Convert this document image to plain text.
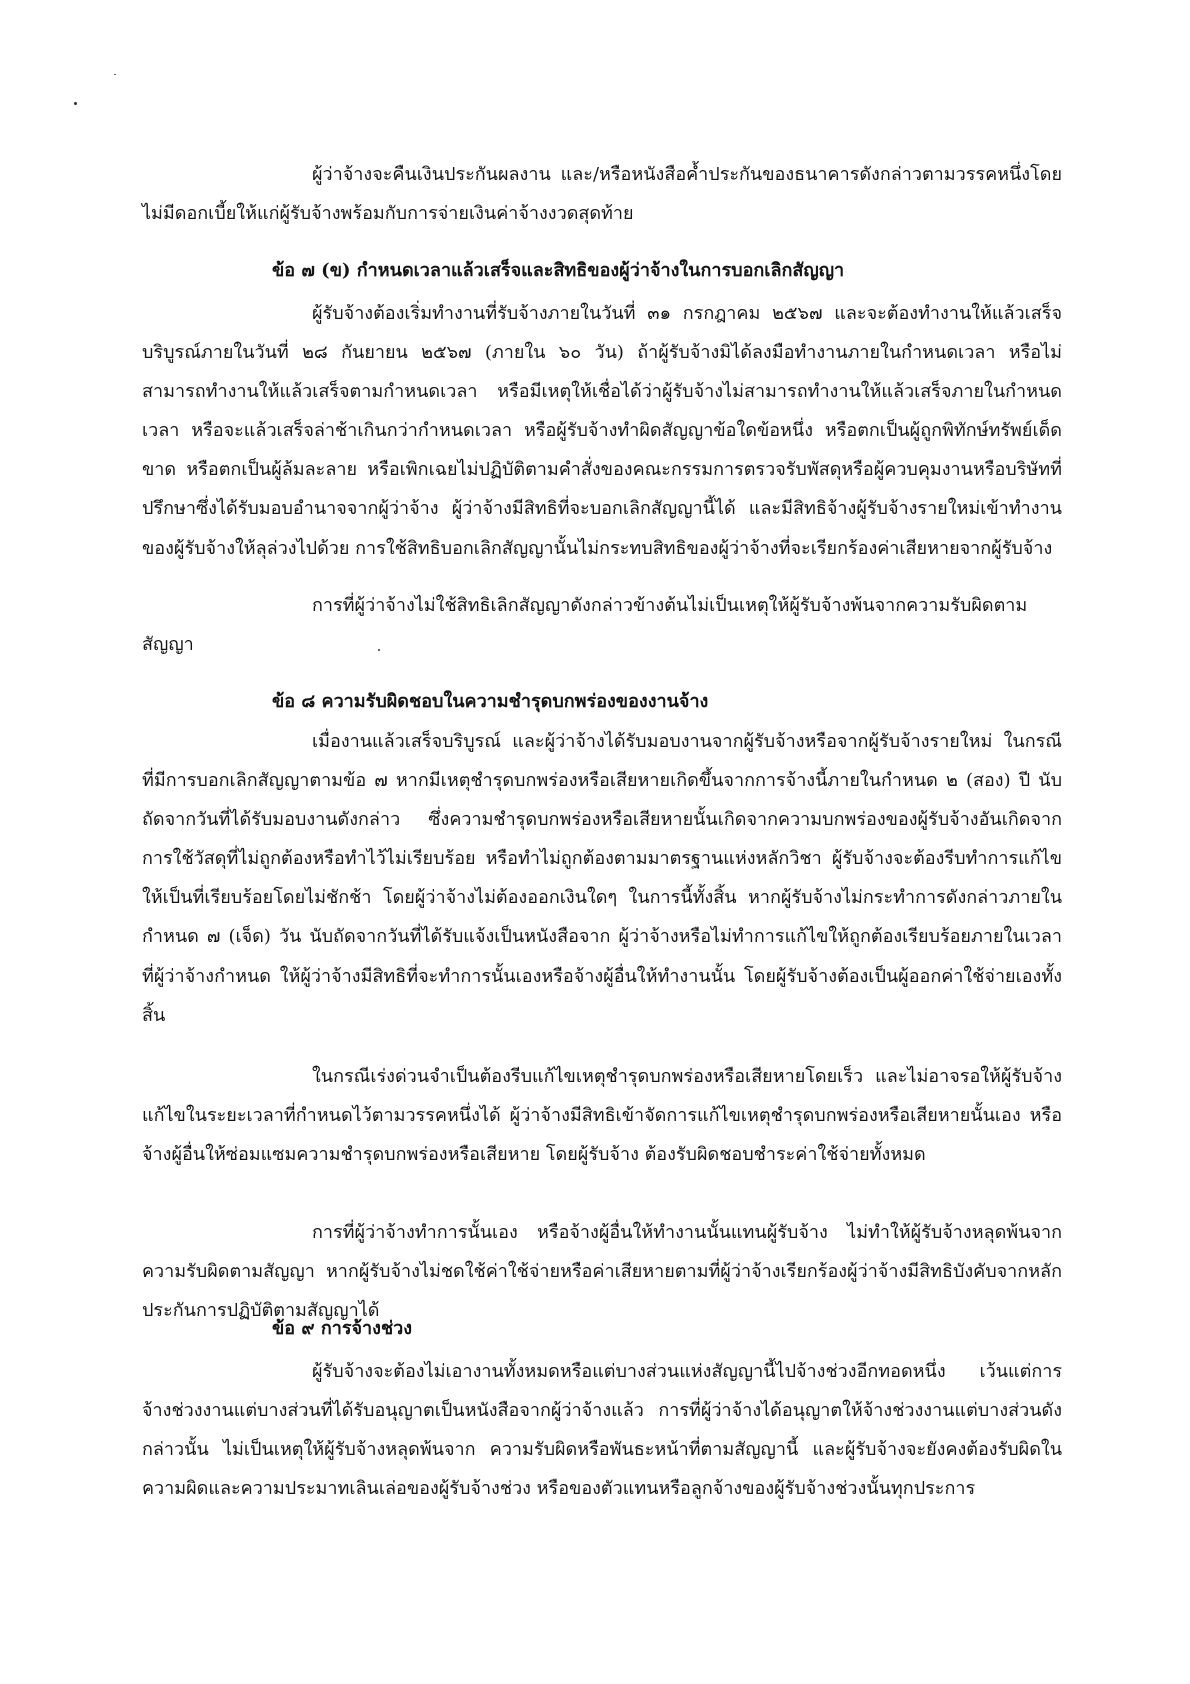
ผู้ว่าจ้างจะคืนเงินประกันผลงาน และ/หรือหนังสือค้ำประกันของธนาคารดังกล่าวตามวรรคหนึ่งโดยไม่มีดอกเบี้ยให้แก่ผู้รับจ้างพร้อมกับการจ่ายเงินค่าจ้างงวดสุดท้าย

ข้อ ๗ (ข) กำหนดเวลาแล้วเสร็จและสิทธิของผู้ว่าจ้างในการบอกเลิกสัญญา

ผู้รับจ้างต้องเริ่มทำงานที่รับจ้างภายในวันที่ ๓๑ กรกฎาคม ๒๕๖๗ และจะต้องทำงานให้แล้วเสร็จบริบูรณ์ภายในวันที่ ๒๘ กันยายน ๒๕๖๗ (ภายใน ๖๐ วัน) ถ้าผู้รับจ้างมิได้ลงมือทำงานภายในกำหนดเวลา หรือไม่สามารถทำงานให้แล้วเสร็จตามกำหนดเวลา หรือมีเหตุให้เชื่อได้ว่าผู้รับจ้างไม่สามารถทำงานให้แล้วเสร็จภายในกำหนดเวลา หรือจะแล้วเสร็จล่าช้าเกินกว่ากำหนดเวลา หรือผู้รับจ้างทำผิดสัญญาข้อใดข้อหนึ่ง หรือตกเป็นผู้ถูกพิทักษ์ทรัพย์เด็ดขาด หรือตกเป็นผู้ล้มละลาย หรือเพิกเฉยไม่ปฏิบัติตามคำสั่งของคณะกรรมการตรวจรับพัสดุหรือผู้ควบคุมงานหรือบริษัทที่ปรึกษาซึ่งได้รับมอบอำนาจจากผู้ว่าจ้าง ผู้ว่าจ้างมีสิทธิที่จะบอกเลิกสัญญานี้ได้ และมีสิทธิจ้างผู้รับจ้างรายใหม่เข้าทำงานของผู้รับจ้างให้ลุล่วงไปด้วย การใช้สิทธิบอกเลิกสัญญานั้นไม่กระทบสิทธิของผู้ว่าจ้างที่จะเรียกร้องค่าเสียหายจากผู้รับจ้าง

การที่ผู้ว่าจ้างไม่ใช้สิทธิเลิกสัญญาดังกล่าวข้างต้นไม่เป็นเหตุให้ผู้รับจ้างพ้นจากความรับผิดตามสัญญา

ข้อ ๘ ความรับผิดชอบในความชำรุดบกพร่องของงานจ้าง

เมื่องานแล้วเสร็จบริบูรณ์ และผู้ว่าจ้างได้รับมอบงานจากผู้รับจ้างหรือจากผู้รับจ้างรายใหม่ ในกรณีที่มีการบอกเลิกสัญญาตามข้อ ๗ หากมีเหตุชำรุดบกพร่องหรือเสียหายเกิดขึ้นจากการจ้างนี้ภายในกำหนด ๒ (สอง) ปี นับถัดจากวันที่ได้รับมอบงานดังกล่าว ซึ่งความชำรุดบกพร่องหรือเสียหายนั้นเกิดจากความบกพร่องของผู้รับจ้างอันเกิดจากการใช้วัสดุที่ไม่ถูกต้องหรือทำไว้ไม่เรียบร้อย หรือทำไม่ถูกต้องตามมาตรฐานแห่งหลักวิชา ผู้รับจ้างจะต้องรีบทำการแก้ไข ให้เป็นที่เรียบร้อยโดยไม่ชักช้า โดยผู้ว่าจ้างไม่ต้องออกเงินใดๆ ในการนี้ทั้งสิ้น หากผู้รับจ้างไม่กระทำการดังกล่าวภายในกำหนด ๗ (เจ็ด) วัน นับถัดจากวันที่ได้รับแจ้งเป็นหนังสือจาก ผู้ว่าจ้างหรือไม่ทำการแก้ไขให้ถูกต้องเรียบร้อยภายในเวลาที่ผู้ว่าจ้างกำหนด ให้ผู้ว่าจ้างมีสิทธิที่จะทำการนั้นเองหรือจ้างผู้อื่นให้ทำงานนั้น โดยผู้รับจ้างต้องเป็นผู้ออกค่าใช้จ่ายเองทั้งสิ้น

ในกรณีเร่งด่วนจำเป็นต้องรีบแก้ไขเหตุชำรุดบกพร่องหรือเสียหายโดยเร็ว และไม่อาจรอให้ผู้รับจ้างแก้ไขในระยะเวลาที่กำหนดไว้ตามวรรคหนึ่งได้ ผู้ว่าจ้างมีสิทธิเข้าจัดการแก้ไขเหตุชำรุดบกพร่องหรือเสียหายนั้นเอง หรือจ้างผู้อื่นให้ซ่อมแซมความชำรุดบกพร่องหรือเสียหาย โดยผู้รับจ้าง ต้องรับผิดชอบชำระค่าใช้จ่ายทั้งหมด

การที่ผู้ว่าจ้างทำการนั้นเอง หรือจ้างผู้อื่นให้ทำงานนั้นแทนผู้รับจ้าง ไม่ทำให้ผู้รับจ้างหลุดพ้นจากความรับผิดตามสัญญา หากผู้รับจ้างไม่ชดใช้ค่าใช้จ่ายหรือค่าเสียหายตามที่ผู้ว่าจ้างเรียกร้องผู้ว่าจ้างมีสิทธิบังคับจากหลักประกันการปฏิบัติตามสัญญาได้

ข้อ ๙ การจ้างช่วง

ผู้รับจ้างจะต้องไม่เอางานทั้งหมดหรือแต่บางส่วนแห่งสัญญานี้ไปจ้างช่วงอีกทอดหนึ่ง เว้นแต่การจ้างช่วงงานแต่บางส่วนที่ได้รับอนุญาตเป็นหนังสือจากผู้ว่าจ้างแล้ว การที่ผู้ว่าจ้างได้อนุญาตให้จ้างช่วงงานแต่บางส่วนดังกล่าวนั้น ไม่เป็นเหตุให้ผู้รับจ้างหลุดพ้นจาก ความรับผิดหรือพันธะหน้าที่ตามสัญญานี้ และผู้รับจ้างจะยังคงต้องรับผิดในความผิดและความประมาทเลินเล่อของผู้รับจ้างช่วง หรือของตัวแทนหรือลูกจ้างของผู้รับจ้างช่วงนั้นทุกประการ
